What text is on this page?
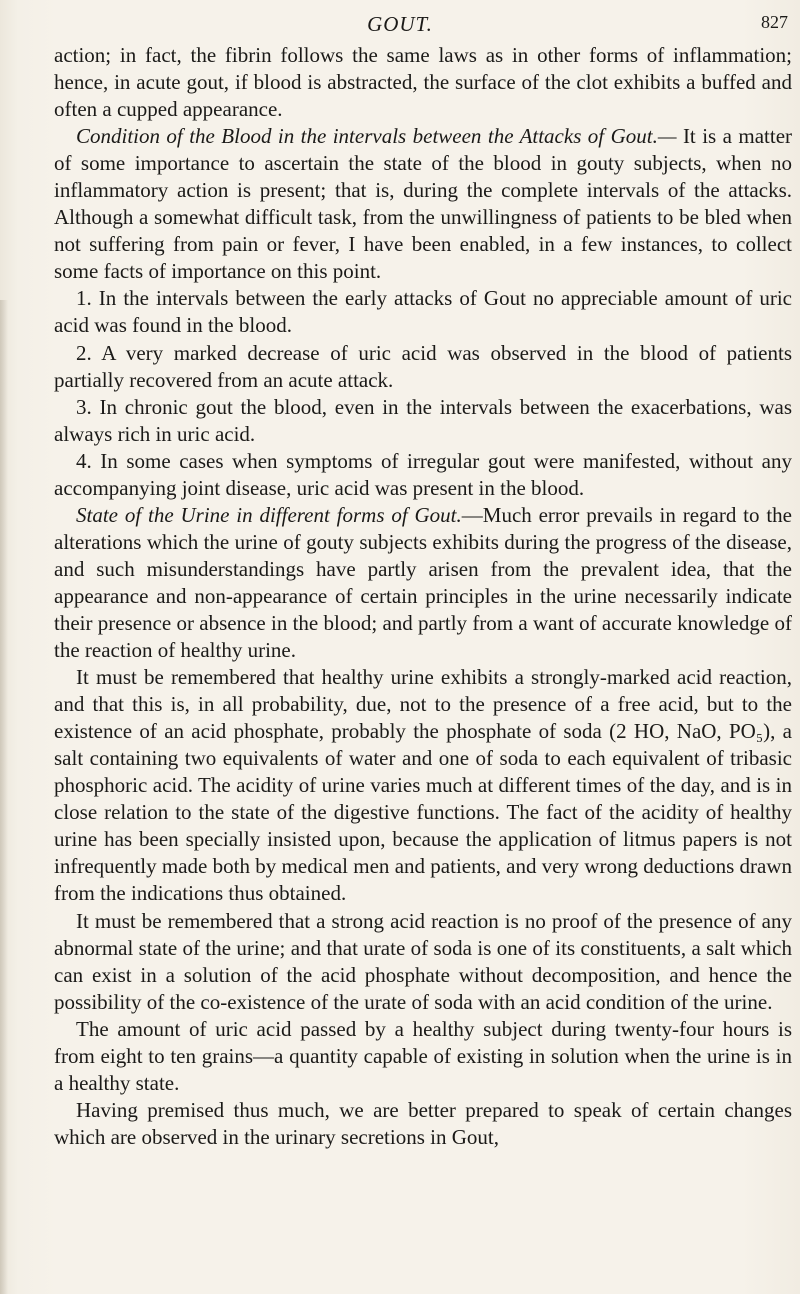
GOUT.	827

action; in fact, the fibrin follows the same laws as in other forms of inflammation; hence, in acute gout, if blood is abstracted, the surface of the clot exhibits a buffed and often a cupped appearance.

Condition of the Blood in the intervals between the Attacks of Gout.— It is a matter of some importance to ascertain the state of the blood in gouty subjects, when no inflammatory action is present; that is, during the complete intervals of the attacks. Although a somewhat difficult task, from the unwillingness of patients to be bled when not suffering from pain or fever, I have been enabled, in a few instances, to collect some facts of importance on this point.

1. In the intervals between the early attacks of Gout no appreciable amount of uric acid was found in the blood.

2. A very marked decrease of uric acid was observed in the blood of patients partially recovered from an acute attack.

3. In chronic gout the blood, even in the intervals between the exacerbations, was always rich in uric acid.

4. In some cases when symptoms of irregular gout were manifested, without any accompanying joint disease, uric acid was present in the blood.

State of the Urine in different forms of Gout.—Much error prevails in regard to the alterations which the urine of gouty subjects exhibits during the progress of the disease, and such misunderstandings have partly arisen from the prevalent idea, that the appearance and non-appearance of certain principles in the urine necessarily indicate their presence or absence in the blood; and partly from a want of accurate knowledge of the reaction of healthy urine.

It must be remembered that healthy urine exhibits a strongly-marked acid reaction, and that this is, in all probability, due, not to the presence of a free acid, but to the existence of an acid phosphate, probably the phosphate of soda (2 HO, NaO, PO₅), a salt containing two equivalents of water and one of soda to each equivalent of tribasic phosphoric acid. The acidity of urine varies much at different times of the day, and is in close relation to the state of the digestive functions. The fact of the acidity of healthy urine has been specially insisted upon, because the application of litmus papers is not infrequently made both by medical men and patients, and very wrong deductions drawn from the indications thus obtained.

It must be remembered that a strong acid reaction is no proof of the presence of any abnormal state of the urine; and that urate of soda is one of its constituents, a salt which can exist in a solution of the acid phosphate without decomposition, and hence the possibility of the co-existence of the urate of soda with an acid condition of the urine.

The amount of uric acid passed by a healthy subject during twenty-four hours is from eight to ten grains—a quantity capable of existing in solution when the urine is in a healthy state.

Having premised thus much, we are better prepared to speak of certain changes which are observed in the urinary secretions in Gout,
